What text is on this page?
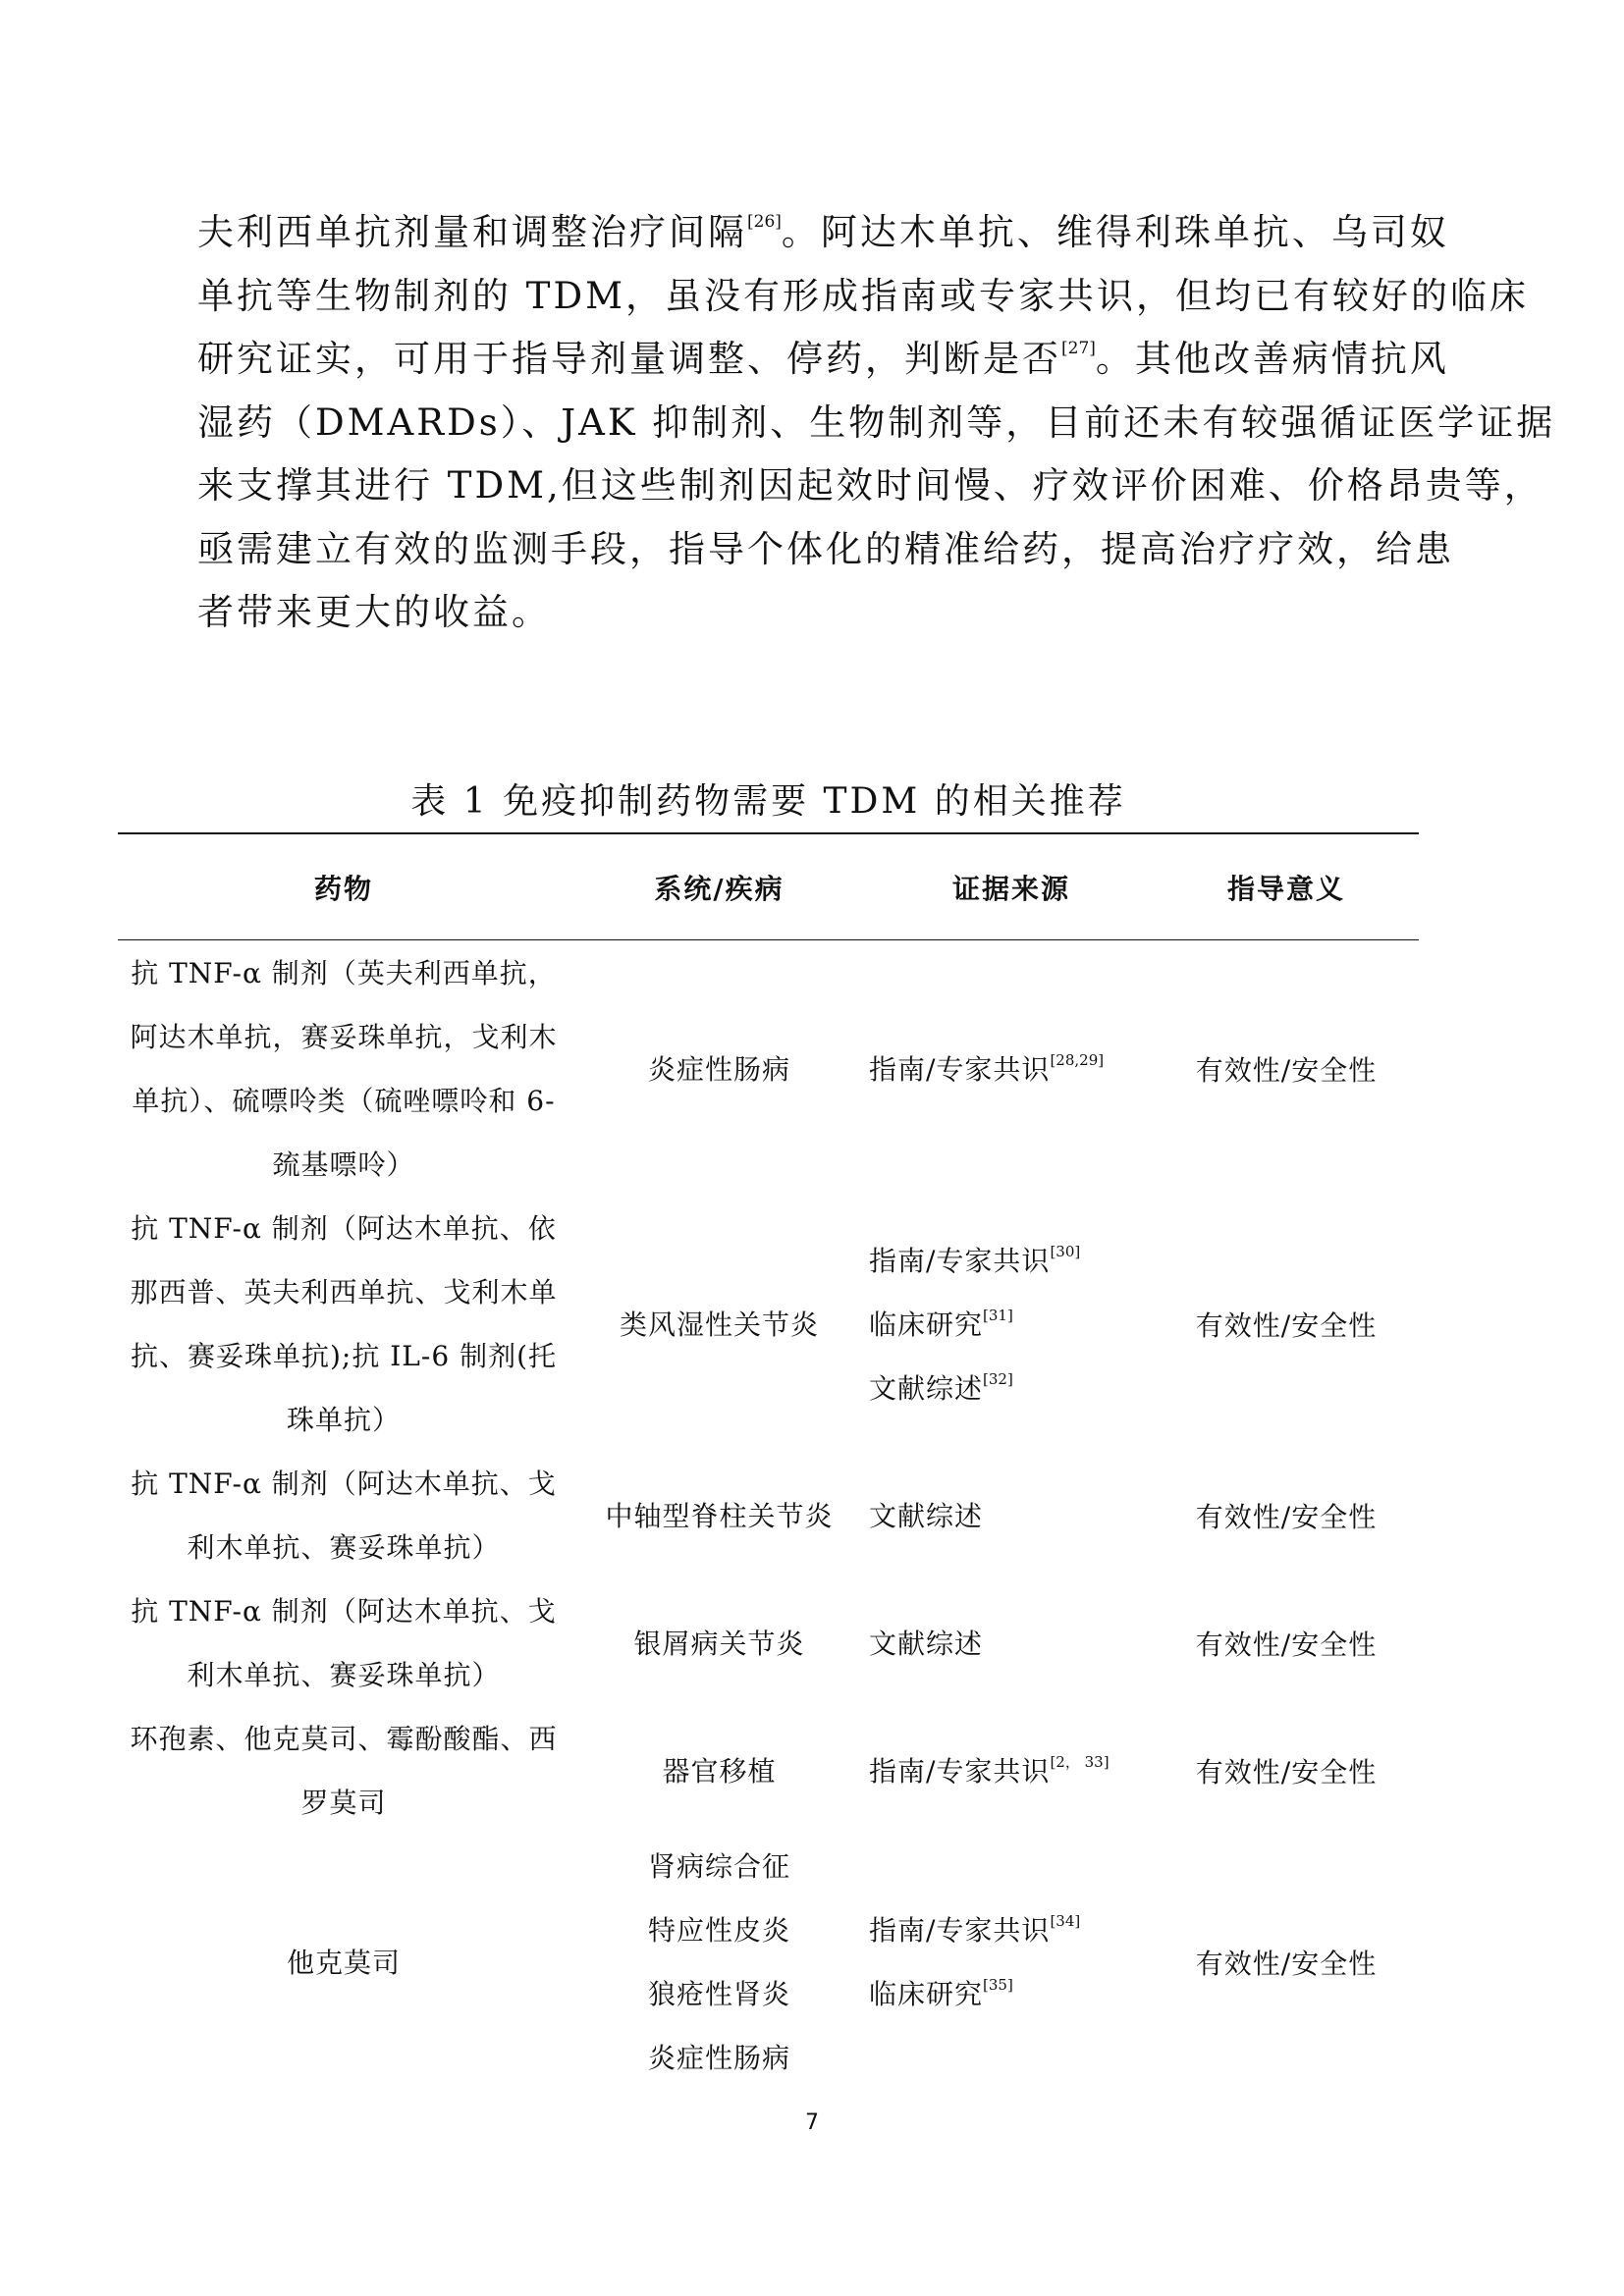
夫利西单抗剂量和调整治疗间隔[26]。阿达木单抗、维得利珠单抗、乌司奴
单抗等生物制剂的 TDM，虽没有形成指南或专家共识，但均已有较好的临床
研究证实，可用于指导剂量调整、停药，判断是否[27]。其他改善病情抗风
湿药（DMARDs）、JAK 抑制剂、生物制剂等，目前还未有较强循证医学证据
来支撑其进行 TDM,但这些制剂因起效时间慢、疗效评价困难、价格昂贵等，
亟需建立有效的监测手段，指导个体化的精准给药，提高治疗疗效，给患
者带来更大的收益。
表 1 免疫抑制药物需要 TDM 的相关推荐
药物	系统/疾病	证据来源	指导意义

抗 TNF-α 制剂（英夫利西单抗，
阿达木单抗，赛妥珠单抗，戈利木
单抗）、硫嘌呤类（硫唑嘌呤和 6-
巯基嘌呤）	炎症性肠病	指南/专家共识[28,29]	有效性/安全性

抗 TNF-α 制剂（阿达木单抗、依
那西普、英夫利西单抗、戈利木单
抗、赛妥珠单抗);抗 IL-6 制剂(托
珠单抗）	类风湿性关节炎	指南/专家共识[30]
临床研究[31]
文献综述[32]	有效性/安全性

抗 TNF-α 制剂（阿达木单抗、戈
利木单抗、赛妥珠单抗）	中轴型脊柱关节炎	文献综述	有效性/安全性

抗 TNF-α 制剂（阿达木单抗、戈
利木单抗、赛妥珠单抗）	银屑病关节炎	文献综述	有效性/安全性

环孢素、他克莫司、霉酚酸酯、西
罗莫司	器官移植	指南/专家共识[2， 33]	有效性/安全性

他克莫司	肾病综合征
特应性皮炎
狼疮性肾炎
炎症性肠病	指南/专家共识[34]
临床研究[35]	有效性/安全性
7
